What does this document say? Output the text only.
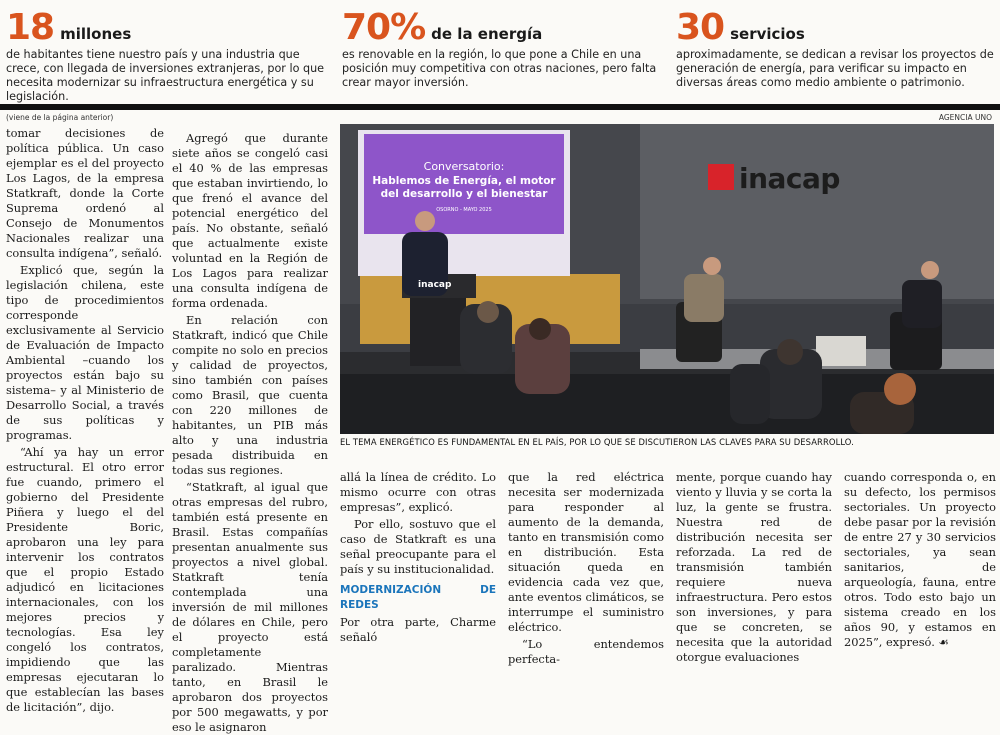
18 millones
de habitantes tiene nuestro país y una industria que crece, con llegada de inversiones extranjeras, por lo que necesita modernizar su infraestructura energética y su legislación.
70% de la energía
es renovable en la región, lo que pone a Chile en una posición muy competitiva con otras naciones, pero falta crear mayor inversión.
30 servicios
aproximadamente, se dedican a revisar los proyectos de generación de energía, para verificar su impacto en diversas áreas como medio ambiente o patrimonio.
(viene de la página anterior)	AGENCIA UNO

tomar decisiones de política pública. Un caso ejemplar es el del proyecto Los Lagos, de la empresa Statkraft, donde la Corte Suprema ordenó al Consejo de Monumentos Nacionales realizar una consulta indígena”, señaló.

Explicó que, según la legislación chilena, este tipo de procedimientos corresponde exclusivamente al Servicio de Evaluación de Impacto Ambiental –cuando los proyectos están bajo su sistema– y al Ministerio de Desarrollo Social, a través de sus políticas y programas.

“Ahí ya hay un error estructural. El otro error fue cuando, primero el gobierno del Presidente Piñera y luego el del Presidente Boric, aprobaron una ley para intervenir los contratos que el propio Estado adjudicó en licitaciones internacionales, con los mejores precios y tecnologías. Esa ley congeló los contratos, impidiendo que las empresas ejecutaran lo que establecían las bases de licitación”, dijo.

Agregó que durante siete años se congeló casi el 40 % de las empresas que estaban invirtiendo, lo que frenó el avance del potencial energético del país. No obstante, señaló que actualmente existe voluntad en la Región de Los Lagos para realizar una consulta indígena de forma ordenada.

En relación con Statkraft, indicó que Chile compite no solo en precios y calidad de proyectos, sino también con países como Brasil, que cuenta con 220 millones de habitantes, un PIB más alto y una industria pesada distribuida en todas sus regiones.

“Statkraft, al igual que otras empresas del rubro, también está presente en Brasil. Estas compañías presentan anualmente sus proyectos a nivel global. Statkraft tenía contemplada una inversión de mil millones de dólares en Chile, pero el proyecto está completamente paralizado. Mientras tanto, en Brasil le aprobaron dos proyectos por 500 megawatts, y por eso le asignaron

Conversatorio:
Hablemos de Energía, el motor del desarrollo y el bienestar
OSORNO - MAYO 2025
inacap
inacap
EL TEMA ENERGÉTICO ES FUNDAMENTAL EN EL PAÍS, POR LO QUE SE DISCUTIERON LAS CLAVES PARA SU DESARROLLO.

allá la línea de crédito. Lo mismo ocurre con otras empresas”, explicó.

Por ello, sostuvo que el caso de Statkraft es una señal preocupante para el país y su institucionalidad.

MODERNIZACIÓN DE REDES

Por otra parte, Charme señaló

que la red eléctrica necesita ser modernizada para responder al aumento de la demanda, tanto en transmisión como en distribución. Esta situación queda en evidencia cada vez que, ante eventos climáticos, se interrumpe el suministro eléctrico.

“Lo entendemos perfecta-

mente, porque cuando hay viento y lluvia y se corta la luz, la gente se frustra. Nuestra red de distribución necesita ser reforzada. La red de transmisión también requiere nueva infraestructura. Pero estos son inversiones, y para que se concreten, se necesita que la autoridad otorgue evaluaciones

cuando corresponda o, en su defecto, los permisos sectoriales. Un proyecto debe pasar por la revisión de entre 27 y 30 servicios sectoriales, ya sean sanitarios, de arqueología, fauna, entre otros. Todo esto bajo un sistema creado en los años 90, y estamos en 2025”, expresó. ☙
